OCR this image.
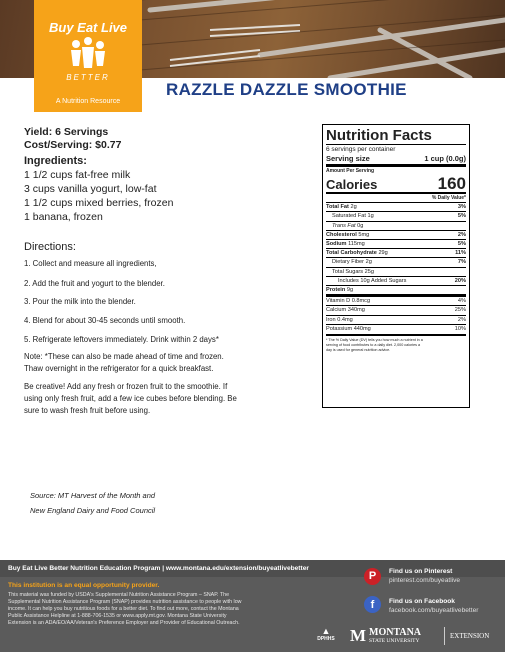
Buy Eat Live
BETTER
A Nutrition Resource
RAZZLE DAZZLE SMOOTHIE
Yield: 6 Servings
Cost/Serving: $0.77
Ingredients:
1 1/2 cups fat-free milk
3 cups vanilla yogurt, low-fat
1 1/2 cups mixed berries, frozen
1 banana, frozen
Directions:
1. Collect and measure all ingredients,
2. Add the fruit and yogurt to the blender.
3. Pour the milk into the blender.
4. Blend for about 30-45 seconds until smooth.
5. Refrigerate leftovers immediately. Drink within 2 days*
Note: *These can also be made ahead of time and frozen.
Thaw overnight in the refrigerator for a quick breakfast.
Be creative! Add any fresh or frozen fruit to the smoothie. If
using only fresh fruit, add a few ice cubes before blending. Be
sure to wash fresh fruit before using.
Source: MT Harvest of the Month and
New England Dairy and Food Council
Nutrition Facts
6 servings per container
Serving size	1 cup (0.0g)
Amount Per Serving
Calories	160
% Daily Value*
Total Fat 2g	3%
Saturated Fat 1g	5%
Trans Fat 0g
Cholesterol 5mg	2%
Sodium 115mg	5%
Total Carbohydrate 29g	11%
Dietary Fiber 2g	7%
Total Sugars 25g
Includes 10g Added Sugars	20%
Protein 9g
Vitamin D 0.8mcg	4%
Calcium 340mg	25%
Iron 0.4mg	2%
Potassium 440mg	10%
* The % Daily Value (DV) tells you how much a nutrient in a
serving of food contributes to a daily diet. 2,000 calories a
day is used for general nutrition advice.
Buy Eat Live Better Nutrition Education Program | www.montana.edu/extension/buyeatlivebetter
This institution is an equal opportunity provider.
This material was funded by USDA's Supplemental Nutrition Assistance Program – SNAP. The
Supplemental Nutrition Assistance Program (SNAP) provides nutrition assistance to people with low
income. It can help you buy nutritious foods for a better diet. To find out more, contact the Montana
Public Assistance Helpline at 1-888-706-1535 or www.apply.mt.gov. Montana State University
Extension is an ADA/EO/AA/Veteran's Preference Employer and Provider of Educational Outreach.
P	Find us on Pinterest
pinterest.com/buyeatlive
f	Find us on Facebook
facebook.com/buyeatlivebetter
▲
DPHHS M MONTANA
STATE UNIVERSITY
EXTENSION
